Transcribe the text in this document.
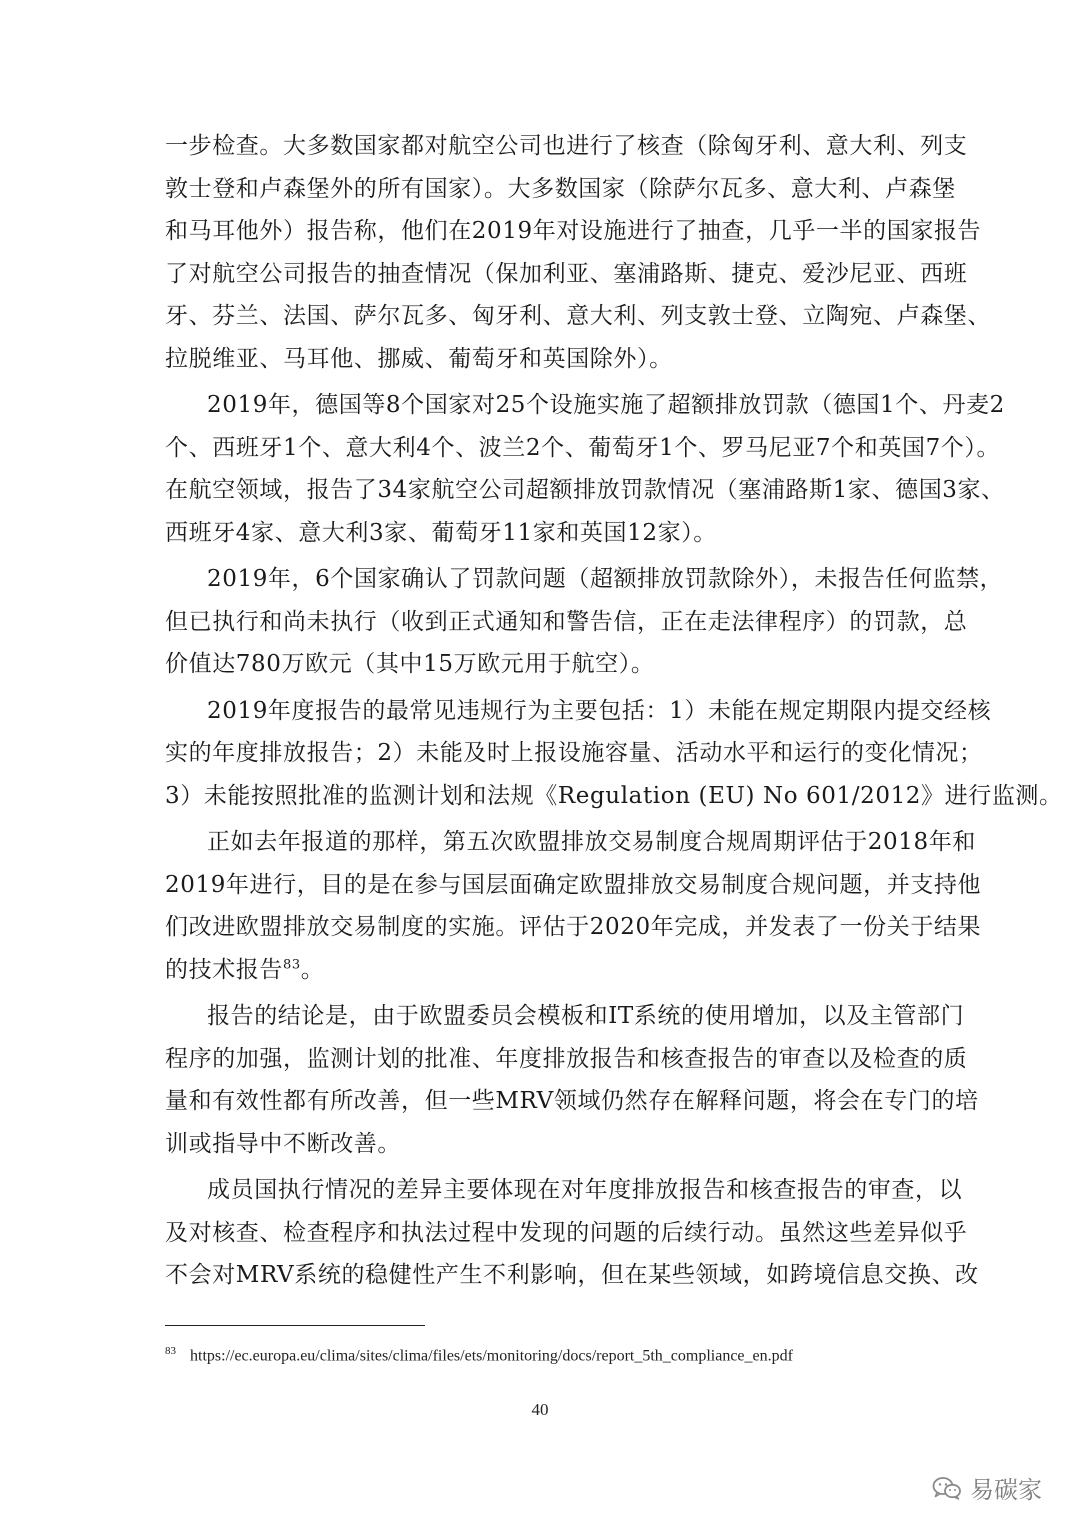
一步检查。大多数国家都对航空公司也进行了核查（除匈牙利、意大利、列支
敦士登和卢森堡外的所有国家）。大多数国家（除萨尔瓦多、意大利、卢森堡
和马耳他外）报告称，他们在2019年对设施进行了抽查，几乎一半的国家报告
了对航空公司报告的抽查情况（保加利亚、塞浦路斯、捷克、爱沙尼亚、西班
牙、芬兰、法国、萨尔瓦多、匈牙利、意大利、列支敦士登、立陶宛、卢森堡、
拉脱维亚、马耳他、挪威、葡萄牙和英国除外）。

2019年，德国等8个国家对25个设施实施了超额排放罚款（德国1个、丹麦2
个、西班牙1个、意大利4个、波兰2个、葡萄牙1个、罗马尼亚7个和英国7个）。
在航空领域，报告了34家航空公司超额排放罚款情况（塞浦路斯1家、德国3家、
西班牙4家、意大利3家、葡萄牙11家和英国12家）。

2019年，6个国家确认了罚款问题（超额排放罚款除外），未报告任何监禁，
但已执行和尚未执行（收到正式通知和警告信，正在走法律程序）的罚款，总
价值达780万欧元（其中15万欧元用于航空）。

2019年度报告的最常见违规行为主要包括：1）未能在规定期限内提交经核
实的年度排放报告；2）未能及时上报设施容量、活动水平和运行的变化情况；
3）未能按照批准的监测计划和法规《Regulation (EU) No 601/2012》进行监测。

正如去年报道的那样，第五次欧盟排放交易制度合规周期评估于2018年和
2019年进行，目的是在参与国层面确定欧盟排放交易制度合规问题，并支持他
们改进欧盟排放交易制度的实施。评估于2020年完成，并发表了一份关于结果
的技术报告$^{83}$。

报告的结论是，由于欧盟委员会模板和IT系统的使用增加，以及主管部门
程序的加强，监测计划的批准、年度排放报告和核查报告的审查以及检查的质
量和有效性都有所改善，但一些MRV领域仍然存在解释问题，将会在专门的培
训或指导中不断改善。

成员国执行情况的差异主要体现在对年度排放报告和核查报告的审查，以
及对核查、检查程序和执法过程中发现的问题的后续行动。虽然这些差异似乎
不会对MRV系统的稳健性产生不利影响，但在某些领域，如跨境信息交换、改

$^{83}$ https://ec.europa.eu/clima/sites/clima/files/ets/monitoring/docs/report_5th_compliance_en.pdf
40
易碳家
